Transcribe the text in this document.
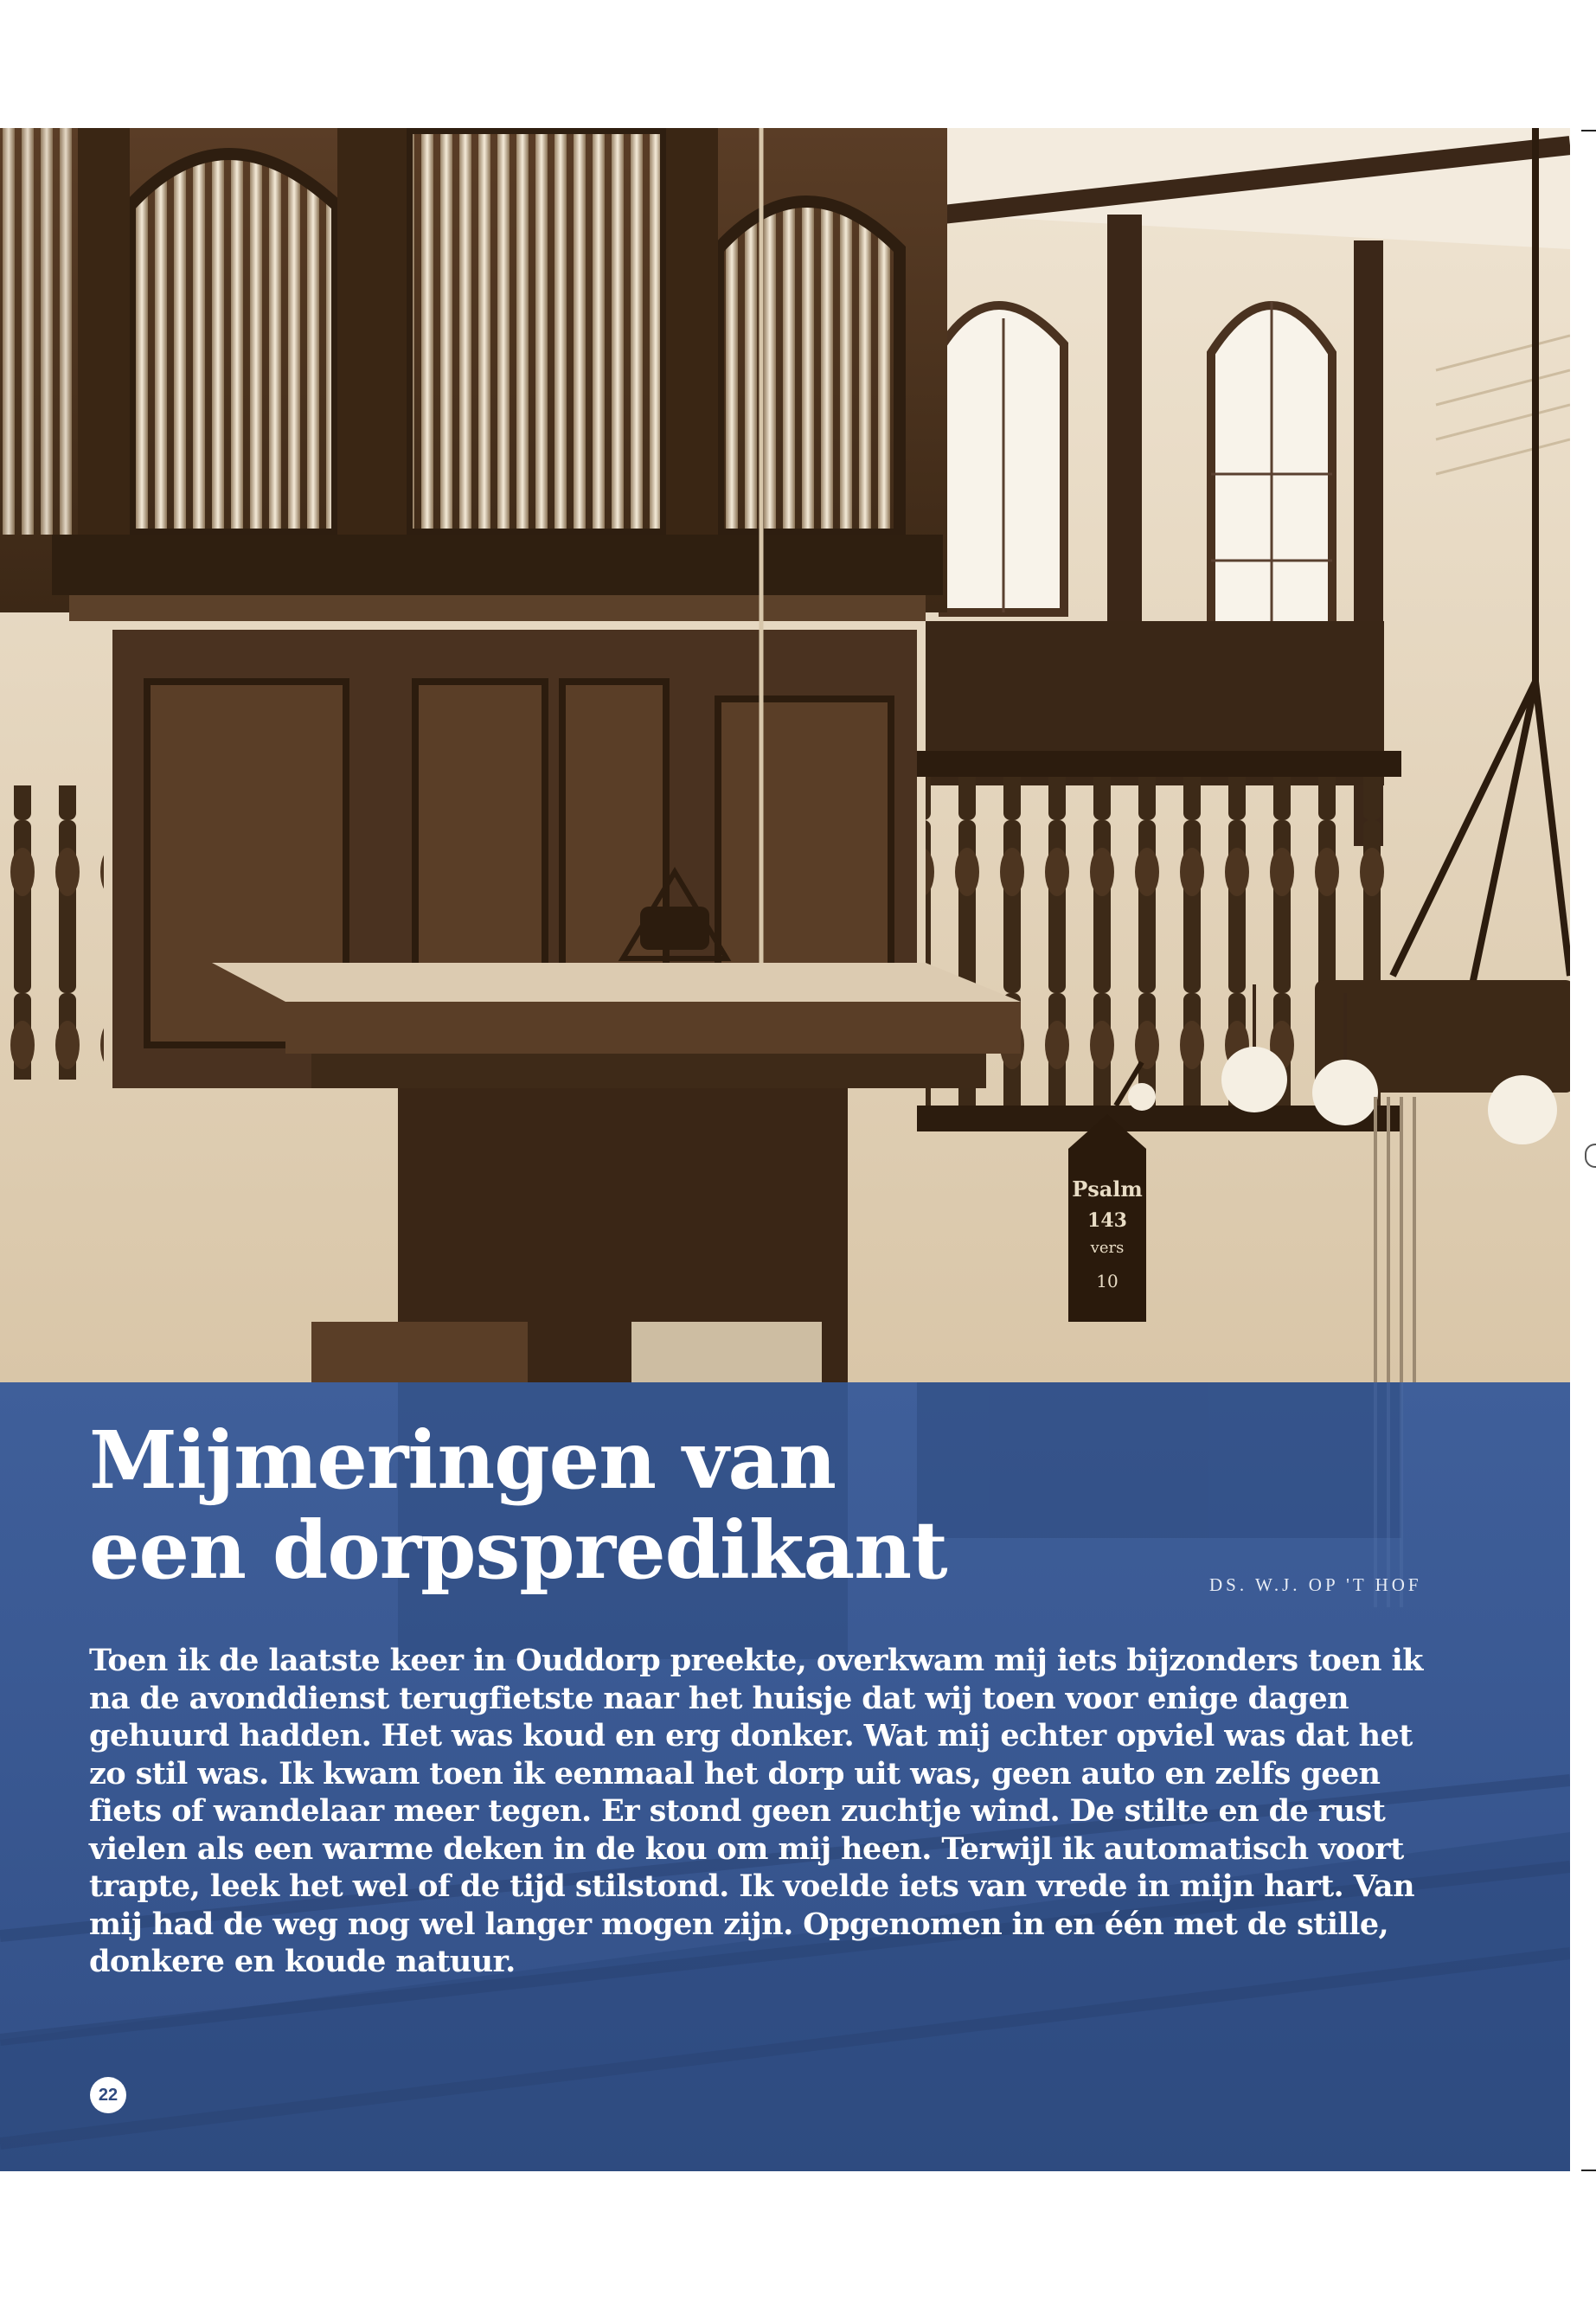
Psalm
143
vers
10
Mijmeringen van
een dorpspredikant	DS. W.J. OP 'T HOF

Toen ik de laatste keer in Ouddorp preekte, overkwam mij iets bijzonders toen ik na de avonddienst terugfietste naar het huisje dat wij toen voor enige dagen gehuurd hadden. Het was koud en erg donker. Wat mij echter opviel was dat het zo stil was. Ik kwam toen ik eenmaal het dorp uit was, geen auto en zelfs geen fiets of wandelaar meer tegen. Er stond geen zuchtje wind. De stilte en de rust vielen als een warme deken in de kou om mij heen. Terwijl ik automatisch voort trapte, leek het wel of de tijd stilstond. Ik voelde iets van vrede in mijn hart. Van mij had de weg nog wel langer mogen zijn. Opgenomen in en één met de stille, donkere en koude natuur.

22
